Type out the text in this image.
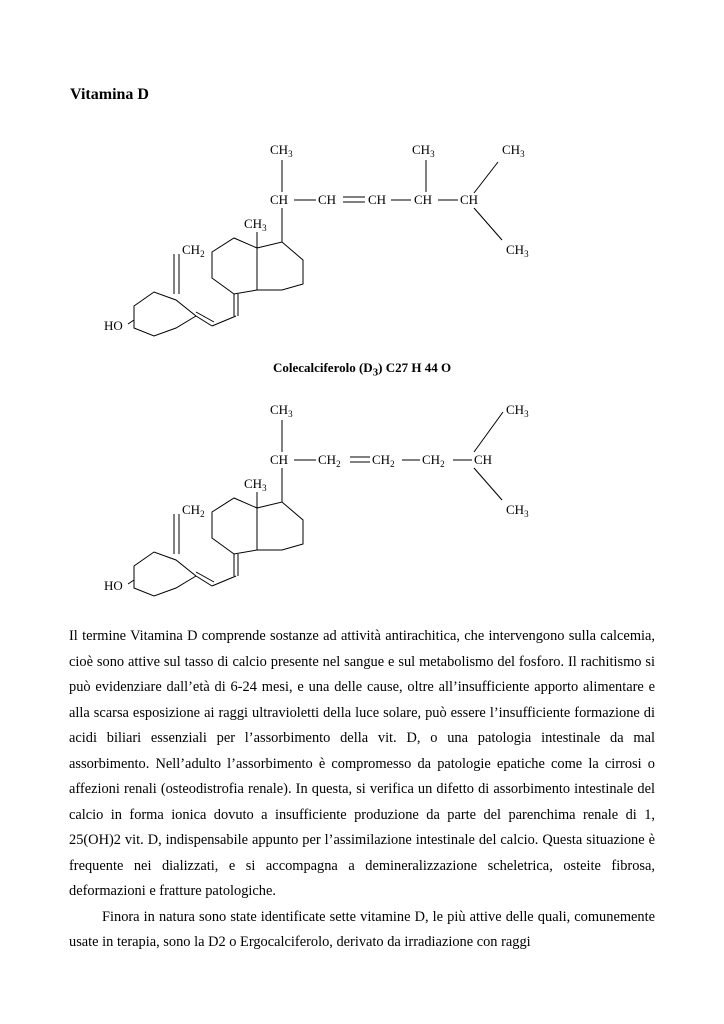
Vitamina D
$CH_3$	$CH_3$	$CH_3$
$CH_3$
$CH_3$
$CH_2$
HO
CH CH CH CH CH
Colecalciferolo $(D_3)$ C27 H 44 O
$CH_3$	$CH_3$
$CH_3$
$CH_3$
$CH_2$
HO
CH $CH_2$ $CH_2$ $CH_2$ CH

Il termine Vitamina D comprende sostanze ad attività antirachitica, che intervengono sulla calcemia, cioè sono attive sul tasso di calcio presente nel sangue e sul metabolismo del fosforo. Il rachitismo si può evidenziare dall’età di 6-24 mesi, e una delle cause, oltre all’insufficiente apporto alimentare e alla scarsa esposizione ai raggi ultravioletti della luce solare, può essere l’insufficiente formazione di acidi biliari essenziali per l’assorbimento della vit. D, o una patologia intestinale da mal assorbimento. Nell’adulto l’assorbimento è compromesso da patologie epatiche come la cirrosi o affezioni renali (osteodistrofia renale). In questa, si verifica un difetto di assorbimento intestinale del calcio in forma ionica dovuto a insufficiente produzione da parte del parenchima renale di 1, 25(OH)2 vit. D, indispensabile appunto per l’assimilazione intestinale del calcio. Questa situazione è frequente nei dializzati, e si accompagna a demineralizzazione scheletrica, osteite fibrosa, deformazioni e fratture patologiche.

Finora in natura sono state identificate sette vitamine D, le più attive delle quali, comunemente usate in terapia, sono la D2 o Ergocalciferolo, derivato da irradiazione con raggi
